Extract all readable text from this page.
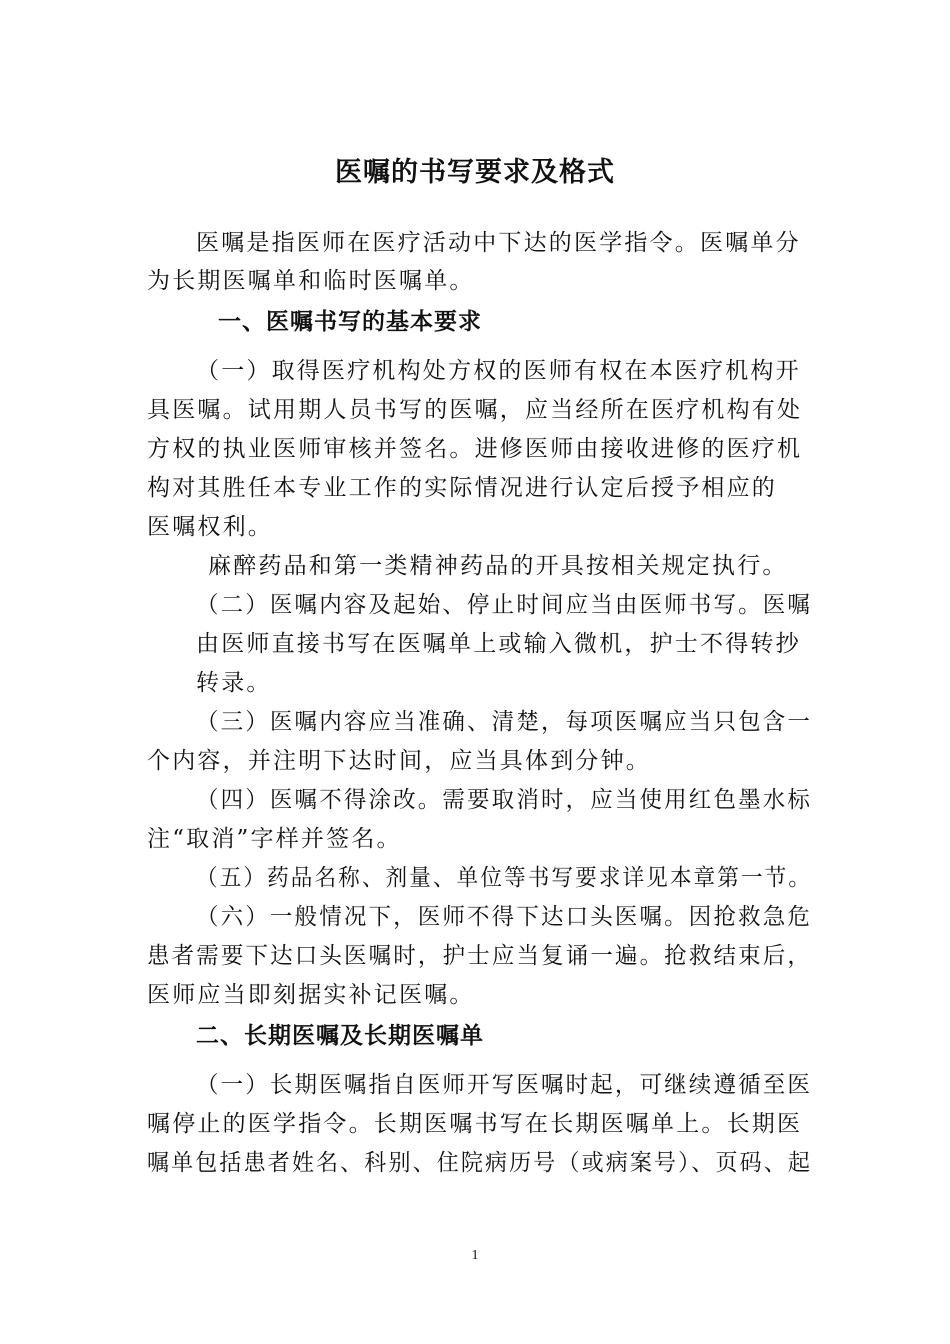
医嘱的书写要求及格式
医嘱是指医师在医疗活动中下达的医学指令。医嘱单分
为长期医嘱单和临时医嘱单。
一、医嘱书写的基本要求
（一）取得医疗机构处方权的医师有权在本医疗机构开
具医嘱。试用期人员书写的医嘱，应当经所在医疗机构有处
方权的执业医师审核并签名。进修医师由接收进修的医疗机
构对其胜任本专业工作的实际情况进行认定后授予相应的
医嘱权利。
麻醉药品和第一类精神药品的开具按相关规定执行。
（二）医嘱内容及起始、停止时间应当由医师书写。医嘱
由医师直接书写在医嘱单上或输入微机，护士不得转抄
转录。
（三）医嘱内容应当准确、清楚，每项医嘱应当只包含一
个内容，并注明下达时间，应当具体到分钟。
（四）医嘱不得涂改。需要取消时，应当使用红色墨水标
注“取消”字样并签名。
（五）药品名称、剂量、单位等书写要求详见本章第一节。
（六）一般情况下，医师不得下达口头医嘱。因抢救急危
患者需要下达口头医嘱时，护士应当复诵一遍。抢救结束后，
医师应当即刻据实补记医嘱。
二、长期医嘱及长期医嘱单
（一）长期医嘱指自医师开写医嘱时起，可继续遵循至医
嘱停止的医学指令。长期医嘱书写在长期医嘱单上。长期医
嘱单包括患者姓名、科别、住院病历号（或病案号）、页码、起
1
